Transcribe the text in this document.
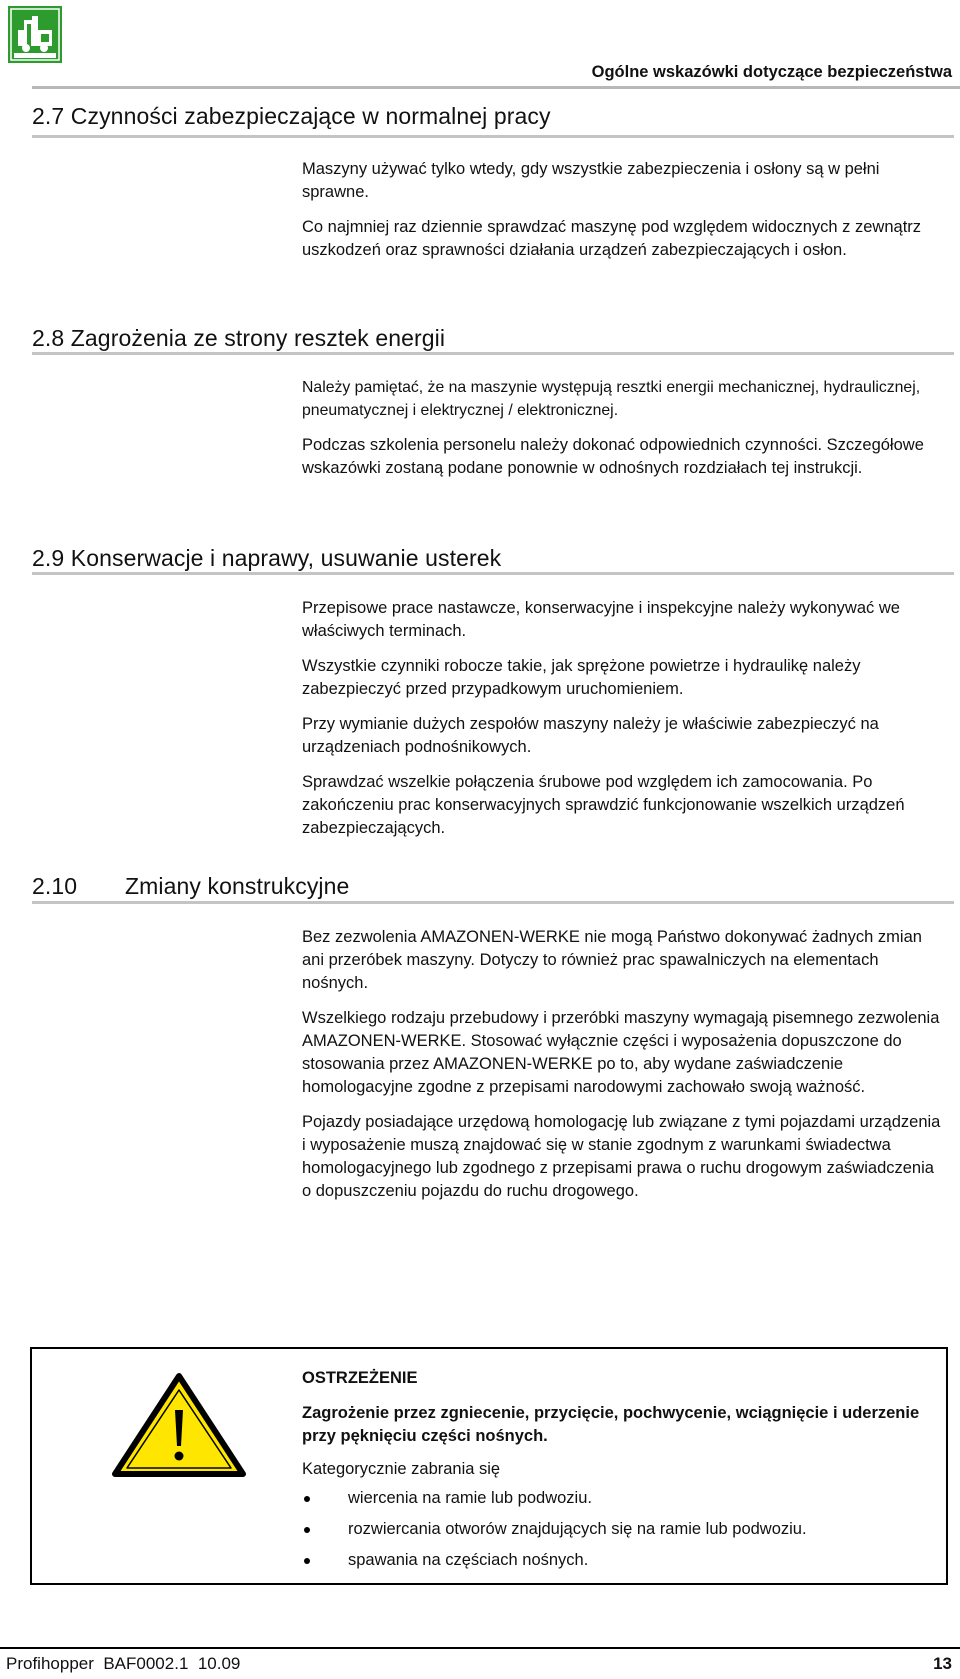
Ogólne wskazówki dotyczące bezpieczeństwa
2.7 Czynności zabezpieczające w normalnej pracy

Maszyny używać tylko wtedy, gdy wszystkie zabezpieczenia i osłony są w pełni sprawne.

Co najmniej raz dziennie sprawdzać maszynę pod względem widocznych z zewnątrz uszkodzeń oraz sprawności działania urządzeń zabezpieczających i osłon.

2.8 Zagrożenia ze strony resztek energii

Należy pamiętać, że na maszynie występują resztki energii mechanicznej, hydraulicznej, pneumatycznej i elektrycznej / elektronicznej.

Podczas szkolenia personelu należy dokonać odpowiednich czynności. Szczegółowe wskazówki zostaną podane ponownie w odnośnych rozdziałach tej instrukcji.

2.9 Konserwacje i naprawy, usuwanie usterek

Przepisowe prace nastawcze, konserwacyjne i inspekcyjne należy wykonywać we właściwych terminach.

Wszystkie czynniki robocze takie, jak sprężone powietrze i hydraulikę należy zabezpieczyć przed przypadkowym uruchomieniem.

Przy wymianie dużych zespołów maszyny należy je właściwie zabezpieczyć na urządzeniach podnośnikowych.

Sprawdzać wszelkie połączenia śrubowe pod względem ich zamocowania. Po zakończeniu prac konserwacyjnych sprawdzić funkcjonowanie wszelkich urządzeń zabezpieczających.

2.10 Zmiany konstrukcyjne

Bez zezwolenia AMAZONEN-WERKE nie mogą Państwo dokonywać żadnych zmian ani przeróbek maszyny. Dotyczy to również prac spawalniczych na elementach nośnych.

Wszelkiego rodzaju przebudowy i przeróbki maszyny wymagają pisemnego zezwolenia AMAZONEN-WERKE. Stosować wyłącznie części i wyposażenia dopuszczone do stosowania przez AMAZONEN-WERKE po to, aby wydane zaświadczenie homologacyjne zgodne z przepisami narodowymi zachowało swoją ważność.

Pojazdy posiadające urzędową homologację lub związane z tymi pojazdami urządzenia i wyposażenie muszą znajdować się w stanie zgodnym z warunkami świadectwa homologacyjnego lub zgodnego z przepisami prawa o ruchu drogowym zaświadczenia o dopuszczeniu pojazdu do ruchu drogowego.

OSTRZEŻENIE
Zagrożenie przez zgniecenie, przycięcie, pochwycenie, wciągnięcie i uderzenie przy pęknięciu części nośnych.
Kategorycznie zabrania się
wiercenia na ramie lub podwoziu.
rozwiercania otworów znajdujących się na ramie lub podwoziu.
spawania na częściach nośnych.
Profihopper  BAF0002.1  10.09	13
